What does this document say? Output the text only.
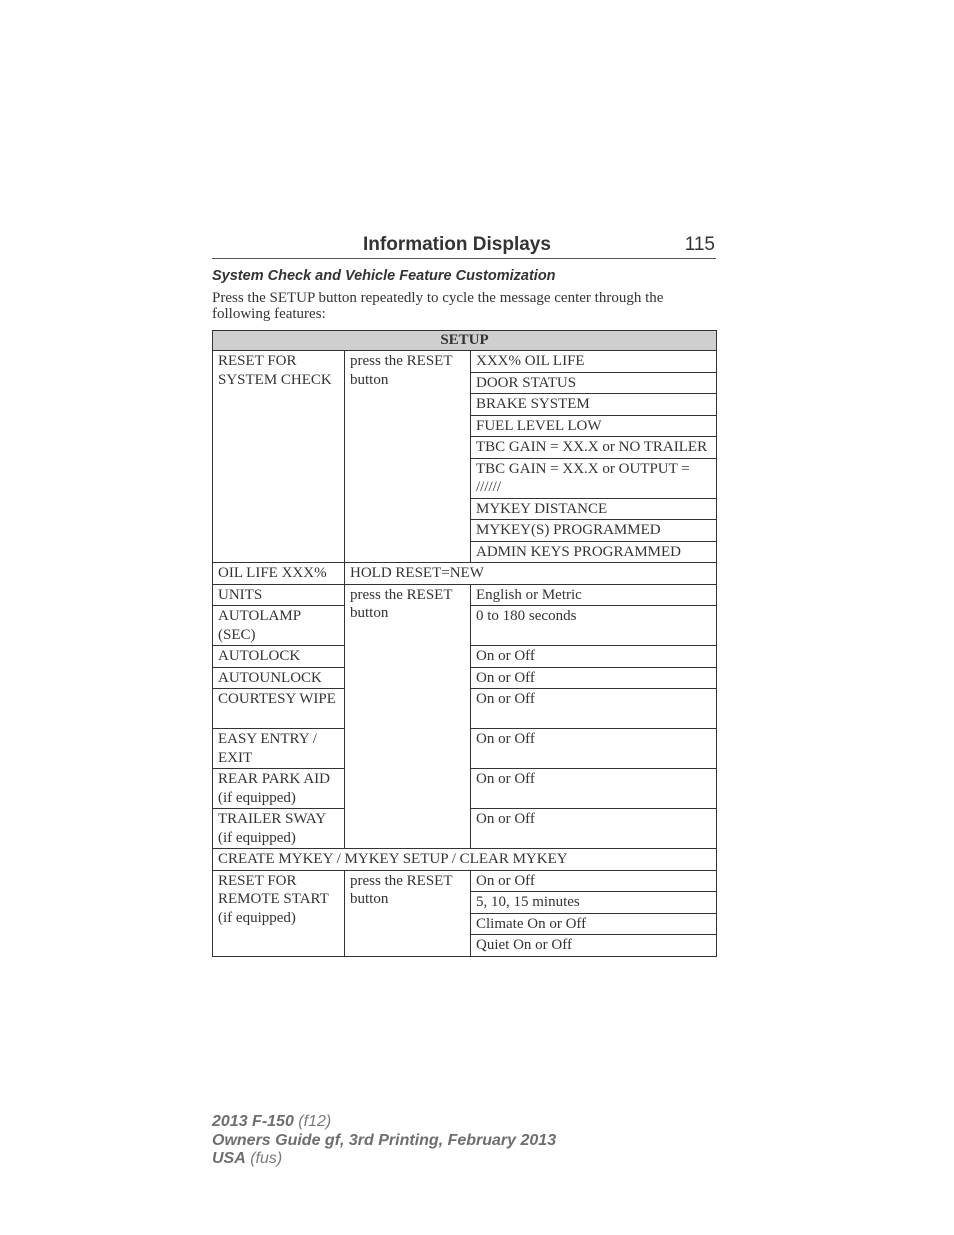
Information Displays	115
System Check and Vehicle Feature Customization
Press the SETUP button repeatedly to cycle the message center through the following features:
SETUP		
RESET FOR SYSTEM CHECK	press the RESET button	XXX% OIL LIFE
		DOOR STATUS
		BRAKE SYSTEM
		FUEL LEVEL LOW
		TBC GAIN = XX.X or NO TRAILER
		TBC GAIN = XX.X or OUTPUT = //////
		MYKEY DISTANCE
		MYKEY(S) PROGRAMMED
		ADMIN KEYS PROGRAMMED
OIL LIFE XXX%	HOLD RESET=NEW	
UNITS	press the RESET button	English or Metric
AUTOLAMP (SEC)		0 to 180 seconds
AUTOLOCK		On or Off
AUTOUNLOCK		On or Off
COURTESY WIPE		On or Off
EASY ENTRY / EXIT		On or Off
REAR PARK AID (if equipped)		On or Off
TRAILER SWAY (if equipped)		On or Off
CREATE MYKEY / MYKEY SETUP / CLEAR MYKEY		
RESET FOR REMOTE START (if equipped)	press the RESET button	On or Off
		5, 10, 15 minutes
		Climate On or Off
		Quiet On or Off
2013 F-150 (f12)
Owners Guide gf, 3rd Printing, February 2013
USA (fus)
